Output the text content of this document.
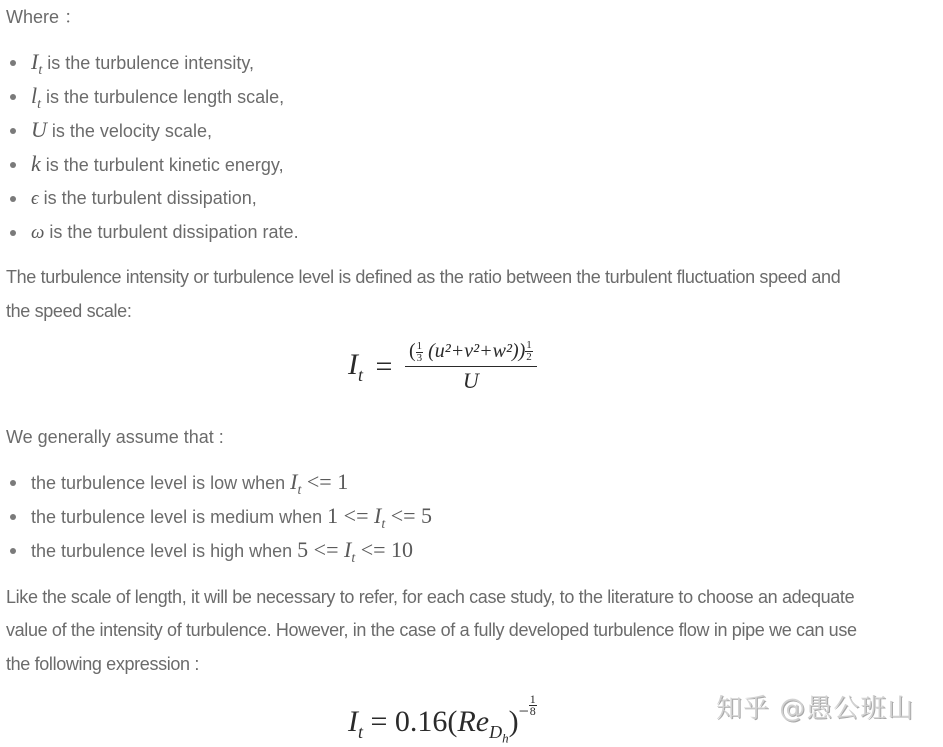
Where ：

$I_t$ is the turbulence intensity,
$l_t$ is the turbulence length scale,
U is the velocity scale,
k is the turbulent kinetic energy,
ϵ is the turbulent dissipation,
ω is the turbulent dissipation rate.

The turbulence intensity or turbulence level is defined as the ratio between the turbulent fluctuation speed and

the speed scale:

$I_t = \frac{( \frac{1}{3} (u^2+v^2+w^2)) \frac{1}{2}}{U}$

We generally assume that :

the turbulence level is low when $I_t <= 1$
the turbulence level is medium when $1 <= I_t <= 5$
the turbulence level is high when $5 <= I_t <= 10$

Like the scale of length, it will be necessary to refer, for each case study, to the literature to choose an adequate

value of the intensity of turbulence. However, in the case of a fully developed turbulence flow in pipe we can use

the following expression :

$I_t = 0.16(Re_{D_h})^- \frac{1}{8}$	知乎 @愚公班山
